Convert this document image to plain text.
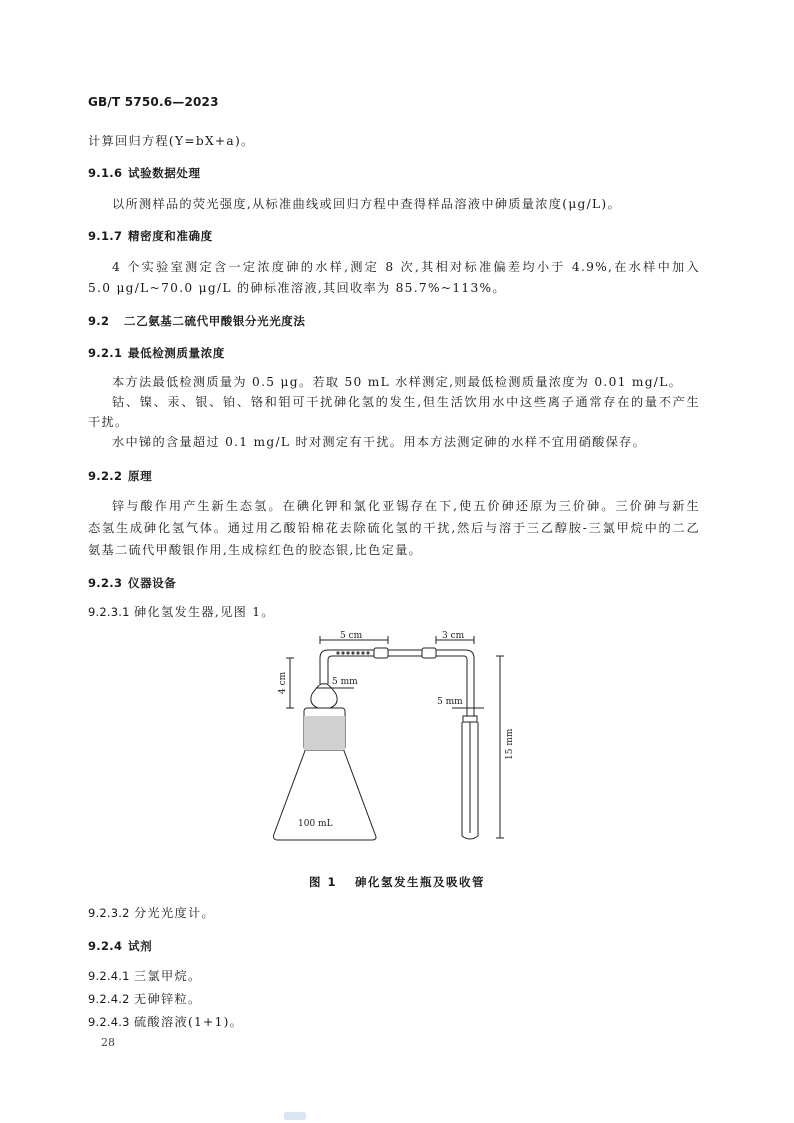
GB/T 5750.6—2023
计算回归方程(Y=bX+a)。
9.1.6 试验数据处理
以所测样品的荧光强度,从标准曲线或回归方程中查得样品溶液中砷质量浓度(μg/L)。
9.1.7 精密度和准确度
4 个实验室测定含一定浓度砷的水样,测定 8 次,其相对标准偏差均小于 4.9%,在水样中加入
5.0 μg/L~70.0 μg/L 的砷标准溶液,其回收率为 85.7%~113%。
9.2 二乙氨基二硫代甲酸银分光光度法
9.2.1 最低检测质量浓度
本方法最低检测质量为 0.5 μg。若取 50 mL 水样测定,则最低检测质量浓度为 0.01 mg/L。
钴、镍、汞、银、铂、铬和钼可干扰砷化氢的发生,但生活饮用水中这些离子通常存在的量不产生
干扰。
水中锑的含量超过 0.1 mg/L 时对测定有干扰。用本方法测定砷的水样不宜用硝酸保存。
9.2.2 原理
锌与酸作用产生新生态氢。在碘化钾和氯化亚锡存在下,使五价砷还原为三价砷。三价砷与新生
态氢生成砷化氢气体。通过用乙酸铅棉花去除硫化氢的干扰,然后与溶于三乙醇胺-三氯甲烷中的二乙
氨基二硫代甲酸银作用,生成棕红色的胶态银,比色定量。
9.2.3 仪器设备
9.2.3.1 砷化氢发生器,见图 1。
5 cm	3 cm
4 cm	5 mm
5 mm
15 mm
100 mL
图 1 砷化氢发生瓶及吸收管
9.2.3.2 分光光度计。
9.2.4 试剂
9.2.4.1 三氯甲烷。
9.2.4.2 无砷锌粒。
9.2.4.3 硫酸溶液(1+1)。
28
